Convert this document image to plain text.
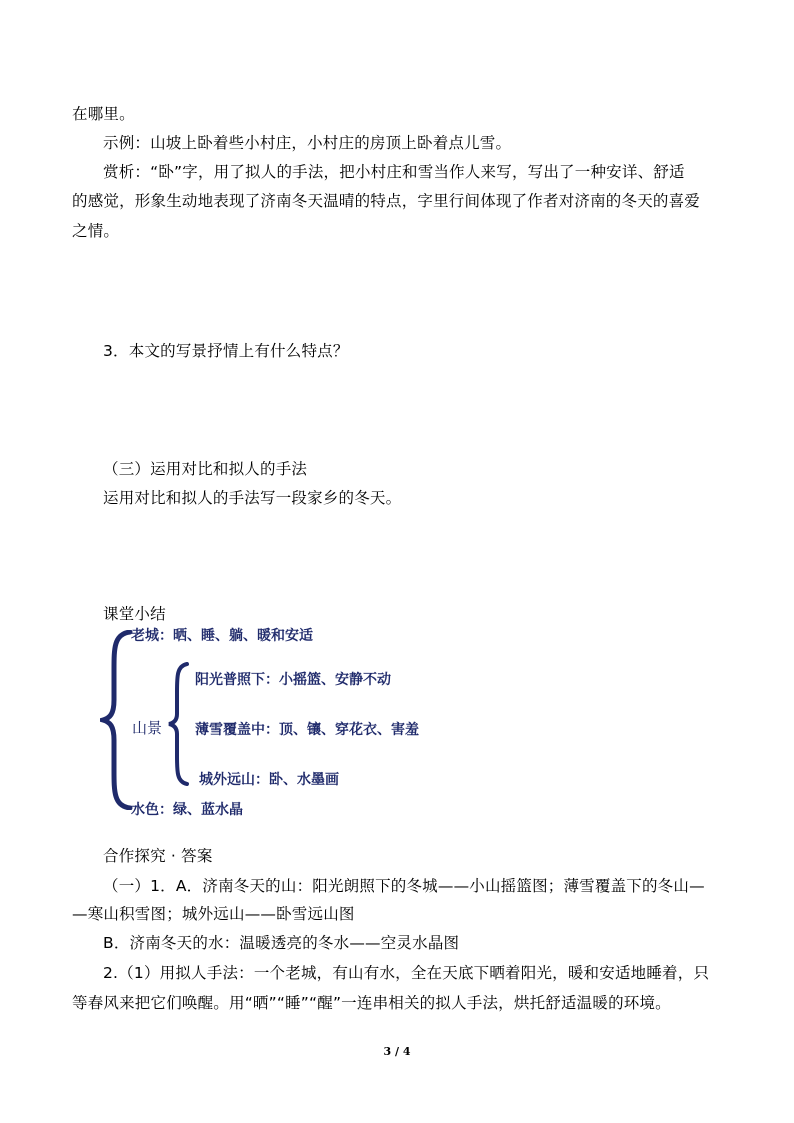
在哪里。
示例：山坡上卧着些小村庄，小村庄的房顶上卧着点儿雪。
赏析：“卧”字，用了拟人的手法，把小村庄和雪当作人来写，写出了一种安详、舒适
的感觉，形象生动地表现了济南冬天温晴的特点，字里行间体现了作者对济南的冬天的喜爱
之情。
3．本文的写景抒情上有什么特点？
（三）运用对比和拟人的手法
运用对比和拟人的手法写一段家乡的冬天。
课堂小结
老城：晒、睡、躺、暖和安适
山景
阳光普照下：小摇篮、安静不动
薄雪覆盖中：顶、镶、穿花衣、害羞
城外远山：卧、水墨画
水色：绿、蓝水晶
合作探究 · 答案
（一）1．A．济南冬天的山：阳光朗照下的冬城——小山摇篮图；薄雪覆盖下的冬山—
—寒山积雪图；城外远山——卧雪远山图
B．济南冬天的水：温暖透亮的冬水——空灵水晶图
2.（1）用拟人手法：一个老城，有山有水，全在天底下晒着阳光，暖和安适地睡着，只
等春风来把它们唤醒。用“晒”“睡”“醒”一连串相关的拟人手法，烘托舒适温暖的环境。
3 / 4
